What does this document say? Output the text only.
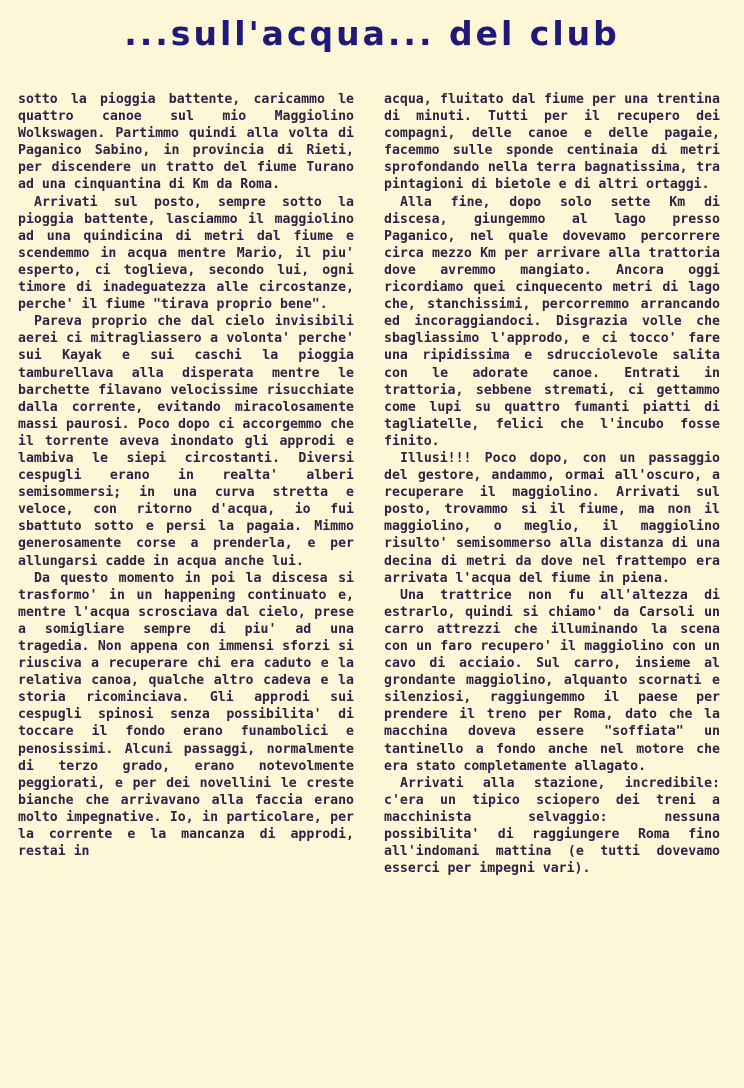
...sull'acqua... del club

sotto la pioggia battente, caricammo le quattro canoe sul mio Maggiolino Wolkswagen. Partimmo quindi alla volta di Paganico Sabino, in provincia di Rieti, per discendere un tratto del fiume Turano ad una cinquantina di Km da Roma.

Arrivati sul posto, sempre sotto la pioggia battente, lasciammo il maggiolino ad una quindicina di metri dal fiume e scendemmo in acqua mentre Mario, il piu' esperto, ci toglieva, secondo lui, ogni timore di inadeguatezza alle circostanze, perche' il fiume "tirava proprio bene".

Pareva proprio che dal cielo invisibili aerei ci mitragliassero a volonta' perche' sui Kayak e sui caschi la pioggia tamburellava alla disperata mentre le barchette filavano velocissime risucchiate dalla corrente, evitando miracolosamente massi paurosi. Poco dopo ci accorgemmo che il torrente aveva inondato gli approdi e lambiva le siepi circostanti. Diversi cespugli erano in realta' alberi semisommersi; in una curva stretta e veloce, con ritorno d'acqua, io fui sbattuto sotto e persi la pagaia. Mimmo generosamente corse a prenderla, e per allungarsi cadde in acqua anche lui.

Da questo momento in poi la discesa si trasformo' in un happening continuato e, mentre l'acqua scrosciava dal cielo, prese a somigliare sempre di piu' ad una tragedia. Non appena con immensi sforzi si riusciva a recuperare chi era caduto e la relativa canoa, qualche altro cadeva e la storia ricominciava. Gli approdi sui cespugli spinosi senza possibilita' di toccare il fondo erano funambolici e penosissimi. Alcuni passaggi, normalmente di terzo grado, erano notevolmente peggiorati, e per dei novellini le creste bianche che arrivavano alla faccia erano molto impegnative. Io, in particolare, per la corrente e la mancanza di approdi, restai in

acqua, fluitato dal fiume per una trentina di minuti. Tutti per il recupero dei compagni, delle canoe e delle pagaie, facemmo sulle sponde centinaia di metri sprofondando nella terra bagnatissima, tra pintagioni di bietole e di altri ortaggi.

Alla fine, dopo solo sette Km di discesa, giungemmo al lago presso Paganico, nel quale dovevamo percorrere circa mezzo Km per arrivare alla trattoria dove avremmo mangiato. Ancora oggi ricordiamo quei cinquecento metri di lago che, stanchissimi, percorremmo arrancando ed incoraggiandoci. Disgrazia volle che sbagliassimo l'approdo, e ci tocco' fare una ripidissima e sdrucciolevole salita con le adorate canoe. Entrati in trattoria, sebbene stremati, ci gettammo come lupi su quattro fumanti piatti di tagliatelle, felici che l'incubo fosse finito.

Illusi!!! Poco dopo, con un passaggio del gestore, andammo, ormai all'oscuro, a recuperare il maggiolino. Arrivati sul posto, trovammo si il fiume, ma non il maggiolino, o meglio, il maggiolino risulto' semisommerso alla distanza di una decina di metri da dove nel frattempo era arrivata l'acqua del fiume in piena.

Una trattrice non fu all'altezza di estrarlo, quindi si chiamo' da Carsoli un carro attrezzi che illuminando la scena con un faro recupero' il maggiolino con un cavo di acciaio. Sul carro, insieme al grondante maggiolino, alquanto scornati e silenziosi, raggiungemmo il paese per prendere il treno per Roma, dato che la macchina doveva essere "soffiata" un tantinello a fondo anche nel motore che era stato completamente allagato.

Arrivati alla stazione, incredibile: c'era un tipico sciopero dei treni a macchinista selvaggio: nessuna possibilita' di raggiungere Roma fino all'indomani mattina (e tutti dovevamo esserci per impegni vari).
